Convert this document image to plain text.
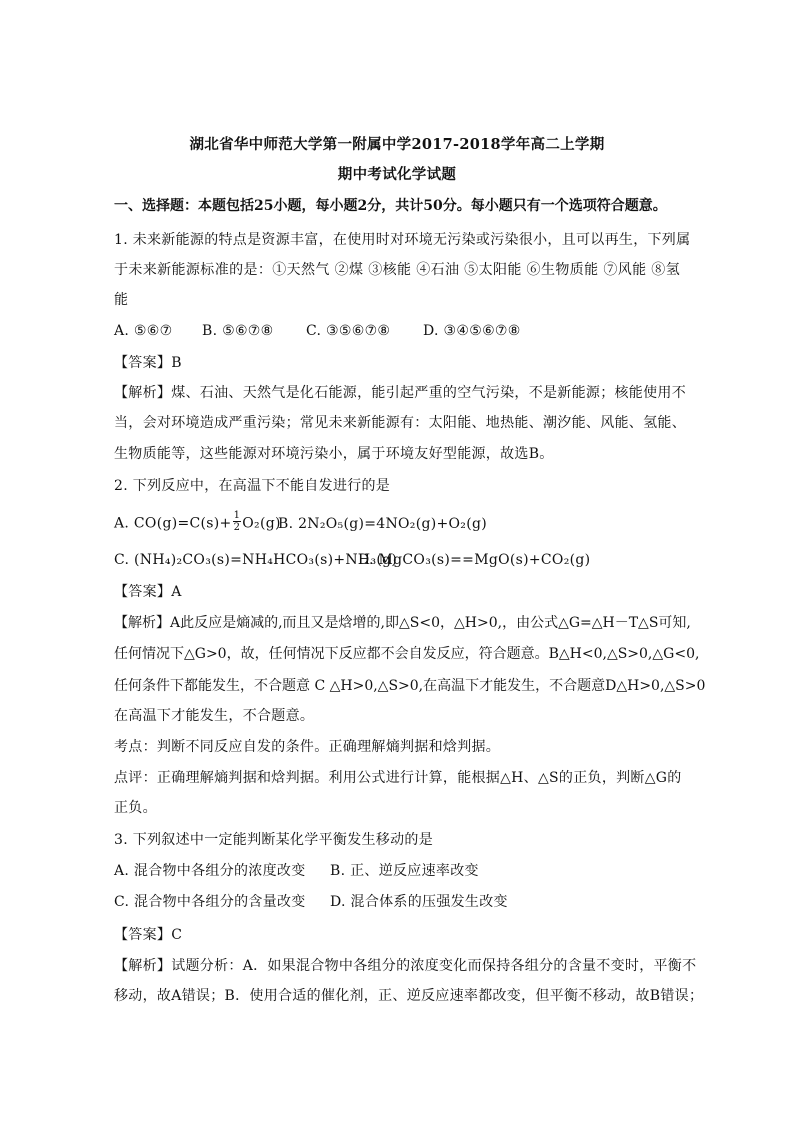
湖北省华中师范大学第一附属中学2017-2018学年高二上学期
期中考试化学试题
一、选择题：本题包括25小题，每小题2分，共计50分。每小题只有一个选项符合题意。
1. 未来新能源的特点是资源丰富，在使用时对环境无污染或污染很小，且可以再生，下列属
于未来新能源标准的是：①天然气 ②煤 ③核能 ④石油 ⑤太阳能 ⑥生物质能 ⑦风能 ⑧氢
能
A. ⑤⑥⑦ B. ⑤⑥⑦⑧ C. ③⑤⑥⑦⑧ D. ③④⑤⑥⑦⑧
【答案】B
【解析】煤、石油、天然气是化石能源，能引起严重的空气污染，不是新能源；核能使用不
当，会对环境造成严重污染；常见未来新能源有：太阳能、地热能、潮汐能、风能、氢能、
生物质能等，这些能源对环境污染小，属于环境友好型能源，故选B。
2. 下列反应中，在高温下不能自发进行的是
A. $CO(g)=C(s)+ \frac{1}{2} O_2(g)B$. 2N₂O₅(g)=4NO₂(g)+O₂(g)
C. (NH₄)₂CO₃(s)=NH₄HCO₃(s)+NH₃(g)D. MgCO₃(s)==MgO(s)+CO₂(g)
【答案】A
【解析】A此反应是熵减的,而且又是焓增的,即△S<0，△H>0,，由公式△G=△H－T△S可知,
任何情况下△G>0，故，任何情况下反应都不会自发反应，符合题意。B△H<0,△S>0,△G<0,
任何条件下都能发生，不合题意 C △H>0,△S>0,在高温下才能发生，不合题意D△H>0,△S>0
在高温下才能发生，不合题意。
考点：判断不同反应自发的条件。正确理解熵判据和焓判据。
点评：正确理解熵判据和焓判据。利用公式进行计算，能根据△H、△S的正负，判断△G的
正负。
3. 下列叙述中一定能判断某化学平衡发生移动的是
A. 混合物中各组分的浓度改变 B. 正、逆反应速率改变
C. 混合物中各组分的含量改变 D. 混合体系的压强发生改变
【答案】C
【解析】试题分析：A．如果混合物中各组分的浓度变化而保持各组分的含量不变时，平衡不
移动，故A错误；B．使用合适的催化剂，正、逆反应速率都改变，但平衡不移动，故B错误；
